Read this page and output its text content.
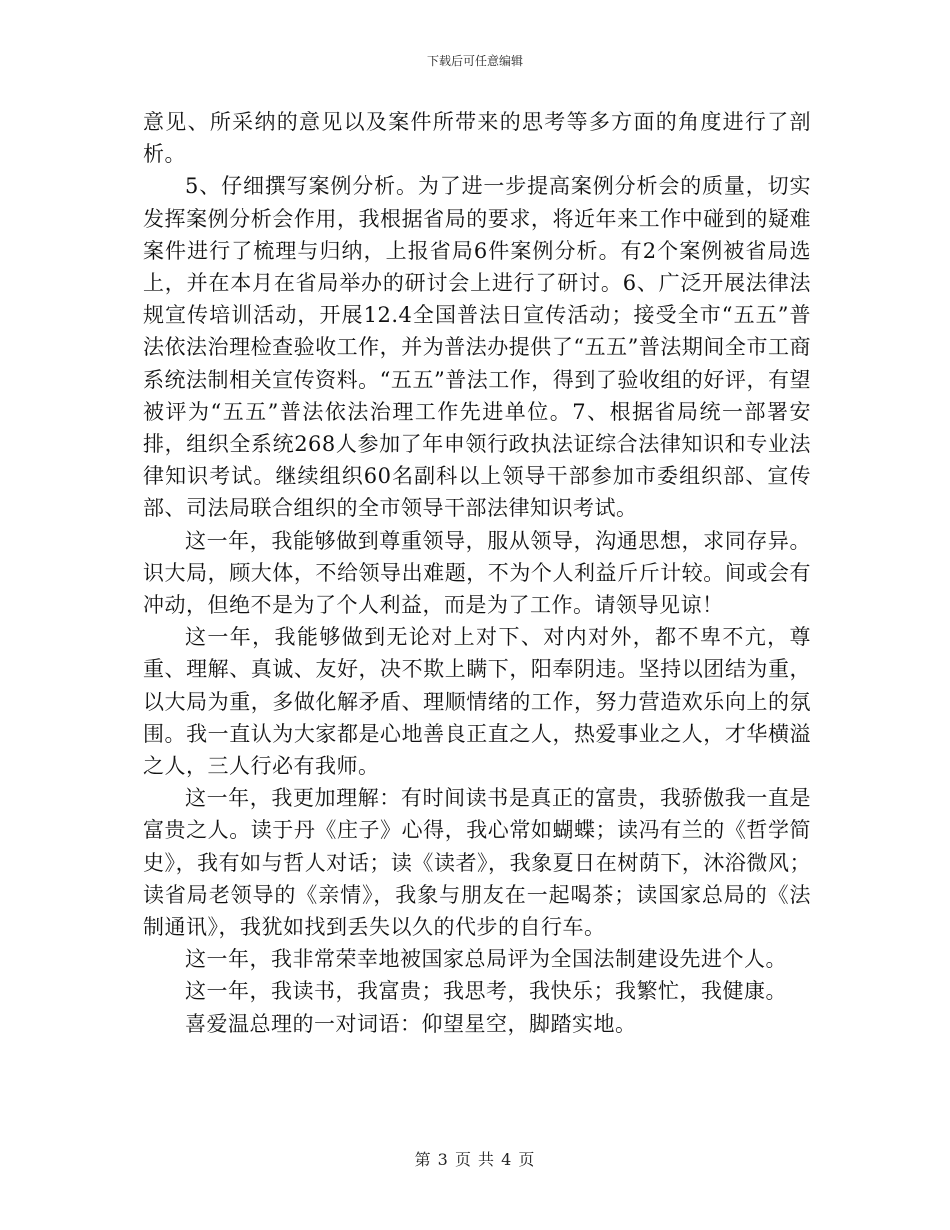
下载后可任意编辑

意见、所采纳的意见以及案件所带来的思考等多方面的角度进行了剖析。

5、仔细撰写案例分析。为了进一步提高案例分析会的质量，切实发挥案例分析会作用，我根据省局的要求，将近年来工作中碰到的疑难案件进行了梳理与归纳，上报省局6件案例分析。有2个案例被省局选上，并在本月在省局举办的研讨会上进行了研讨。6、广泛开展法律法规宣传培训活动，开展12.4全国普法日宣传活动；接受全市“五五”普法依法治理检查验收工作，并为普法办提供了“五五”普法期间全市工商系统法制相关宣传资料。“五五”普法工作，得到了验收组的好评，有望被评为“五五”普法依法治理工作先进单位。7、根据省局统一部署安排，组织全系统268人参加了年申领行政执法证综合法律知识和专业法律知识考试。继续组织60名副科以上领导干部参加市委组织部、宣传部、司法局联合组织的全市领导干部法律知识考试。

这一年，我能够做到尊重领导，服从领导，沟通思想，求同存异。识大局，顾大体，不给领导出难题，不为个人利益斤斤计较。间或会有冲动，但绝不是为了个人利益，而是为了工作。请领导见谅！

这一年，我能够做到无论对上对下、对内对外，都不卑不亢，尊重、理解、真诚、友好，决不欺上瞒下，阳奉阴违。坚持以团结为重，以大局为重，多做化解矛盾、理顺情绪的工作，努力营造欢乐向上的氛围。我一直认为大家都是心地善良正直之人，热爱事业之人，才华横溢之人，三人行必有我师。

这一年，我更加理解：有时间读书是真正的富贵，我骄傲我一直是富贵之人。读于丹《庄子》心得，我心常如蝴蝶；读冯有兰的《哲学简史》，我有如与哲人对话；读《读者》，我象夏日在树荫下，沐浴微风；读省局老领导的《亲情》，我象与朋友在一起喝茶；读国家总局的《法制通讯》，我犹如找到丢失以久的代步的自行车。

这一年，我非常荣幸地被国家总局评为全国法制建设先进个人。

这一年，我读书，我富贵；我思考，我快乐；我繁忙，我健康。

喜爱温总理的一对词语：仰望星空，脚踏实地。

第 3 页 共 4 页
